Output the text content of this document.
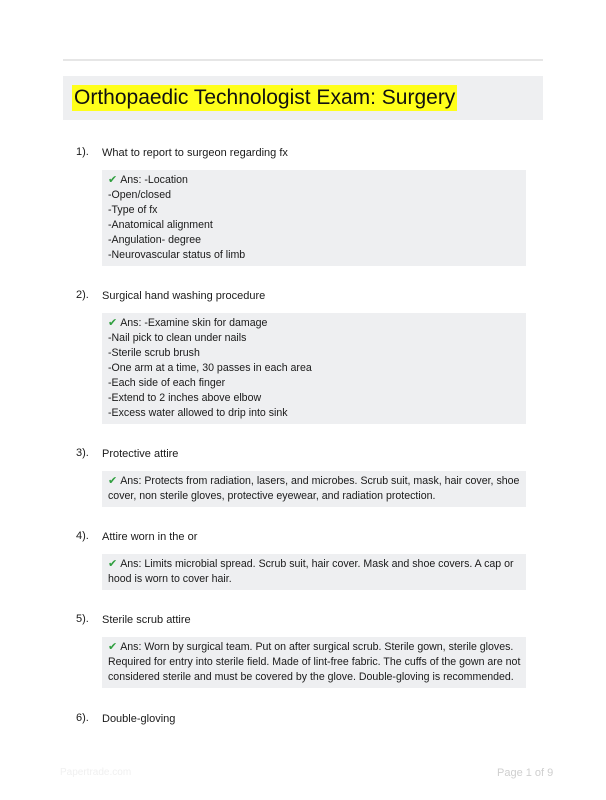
Orthopaedic Technologist Exam: Surgery
1). What to report to surgeon regarding fx
✔ Ans: -Location
-Open/closed
-Type of fx
-Anatomical alignment
-Angulation- degree
-Neurovascular status of limb
2). Surgical hand washing procedure
✔ Ans: -Examine skin for damage
-Nail pick to clean under nails
-Sterile scrub brush
-One arm at a time, 30 passes in each area
-Each side of each finger
-Extend to 2 inches above elbow
-Excess water allowed to drip into sink
3). Protective attire
✔ Ans: Protects from radiation, lasers, and microbes. Scrub suit, mask, hair cover, shoe
cover, non sterile gloves, protective eyewear, and radiation protection.
4). Attire worn in the or
✔ Ans: Limits microbial spread. Scrub suit, hair cover. Mask and shoe covers. A cap or
hood is worn to cover hair.
5). Sterile scrub attire
✔ Ans: Worn by surgical team. Put on after surgical scrub. Sterile gown, sterile gloves.
Required for entry into sterile field. Made of lint-free fabric. The cuffs of the gown are not
considered sterile and must be covered by the glove. Double-gloving is recommended.
6). Double-gloving
Papertrade.com	Page 1 of 9
